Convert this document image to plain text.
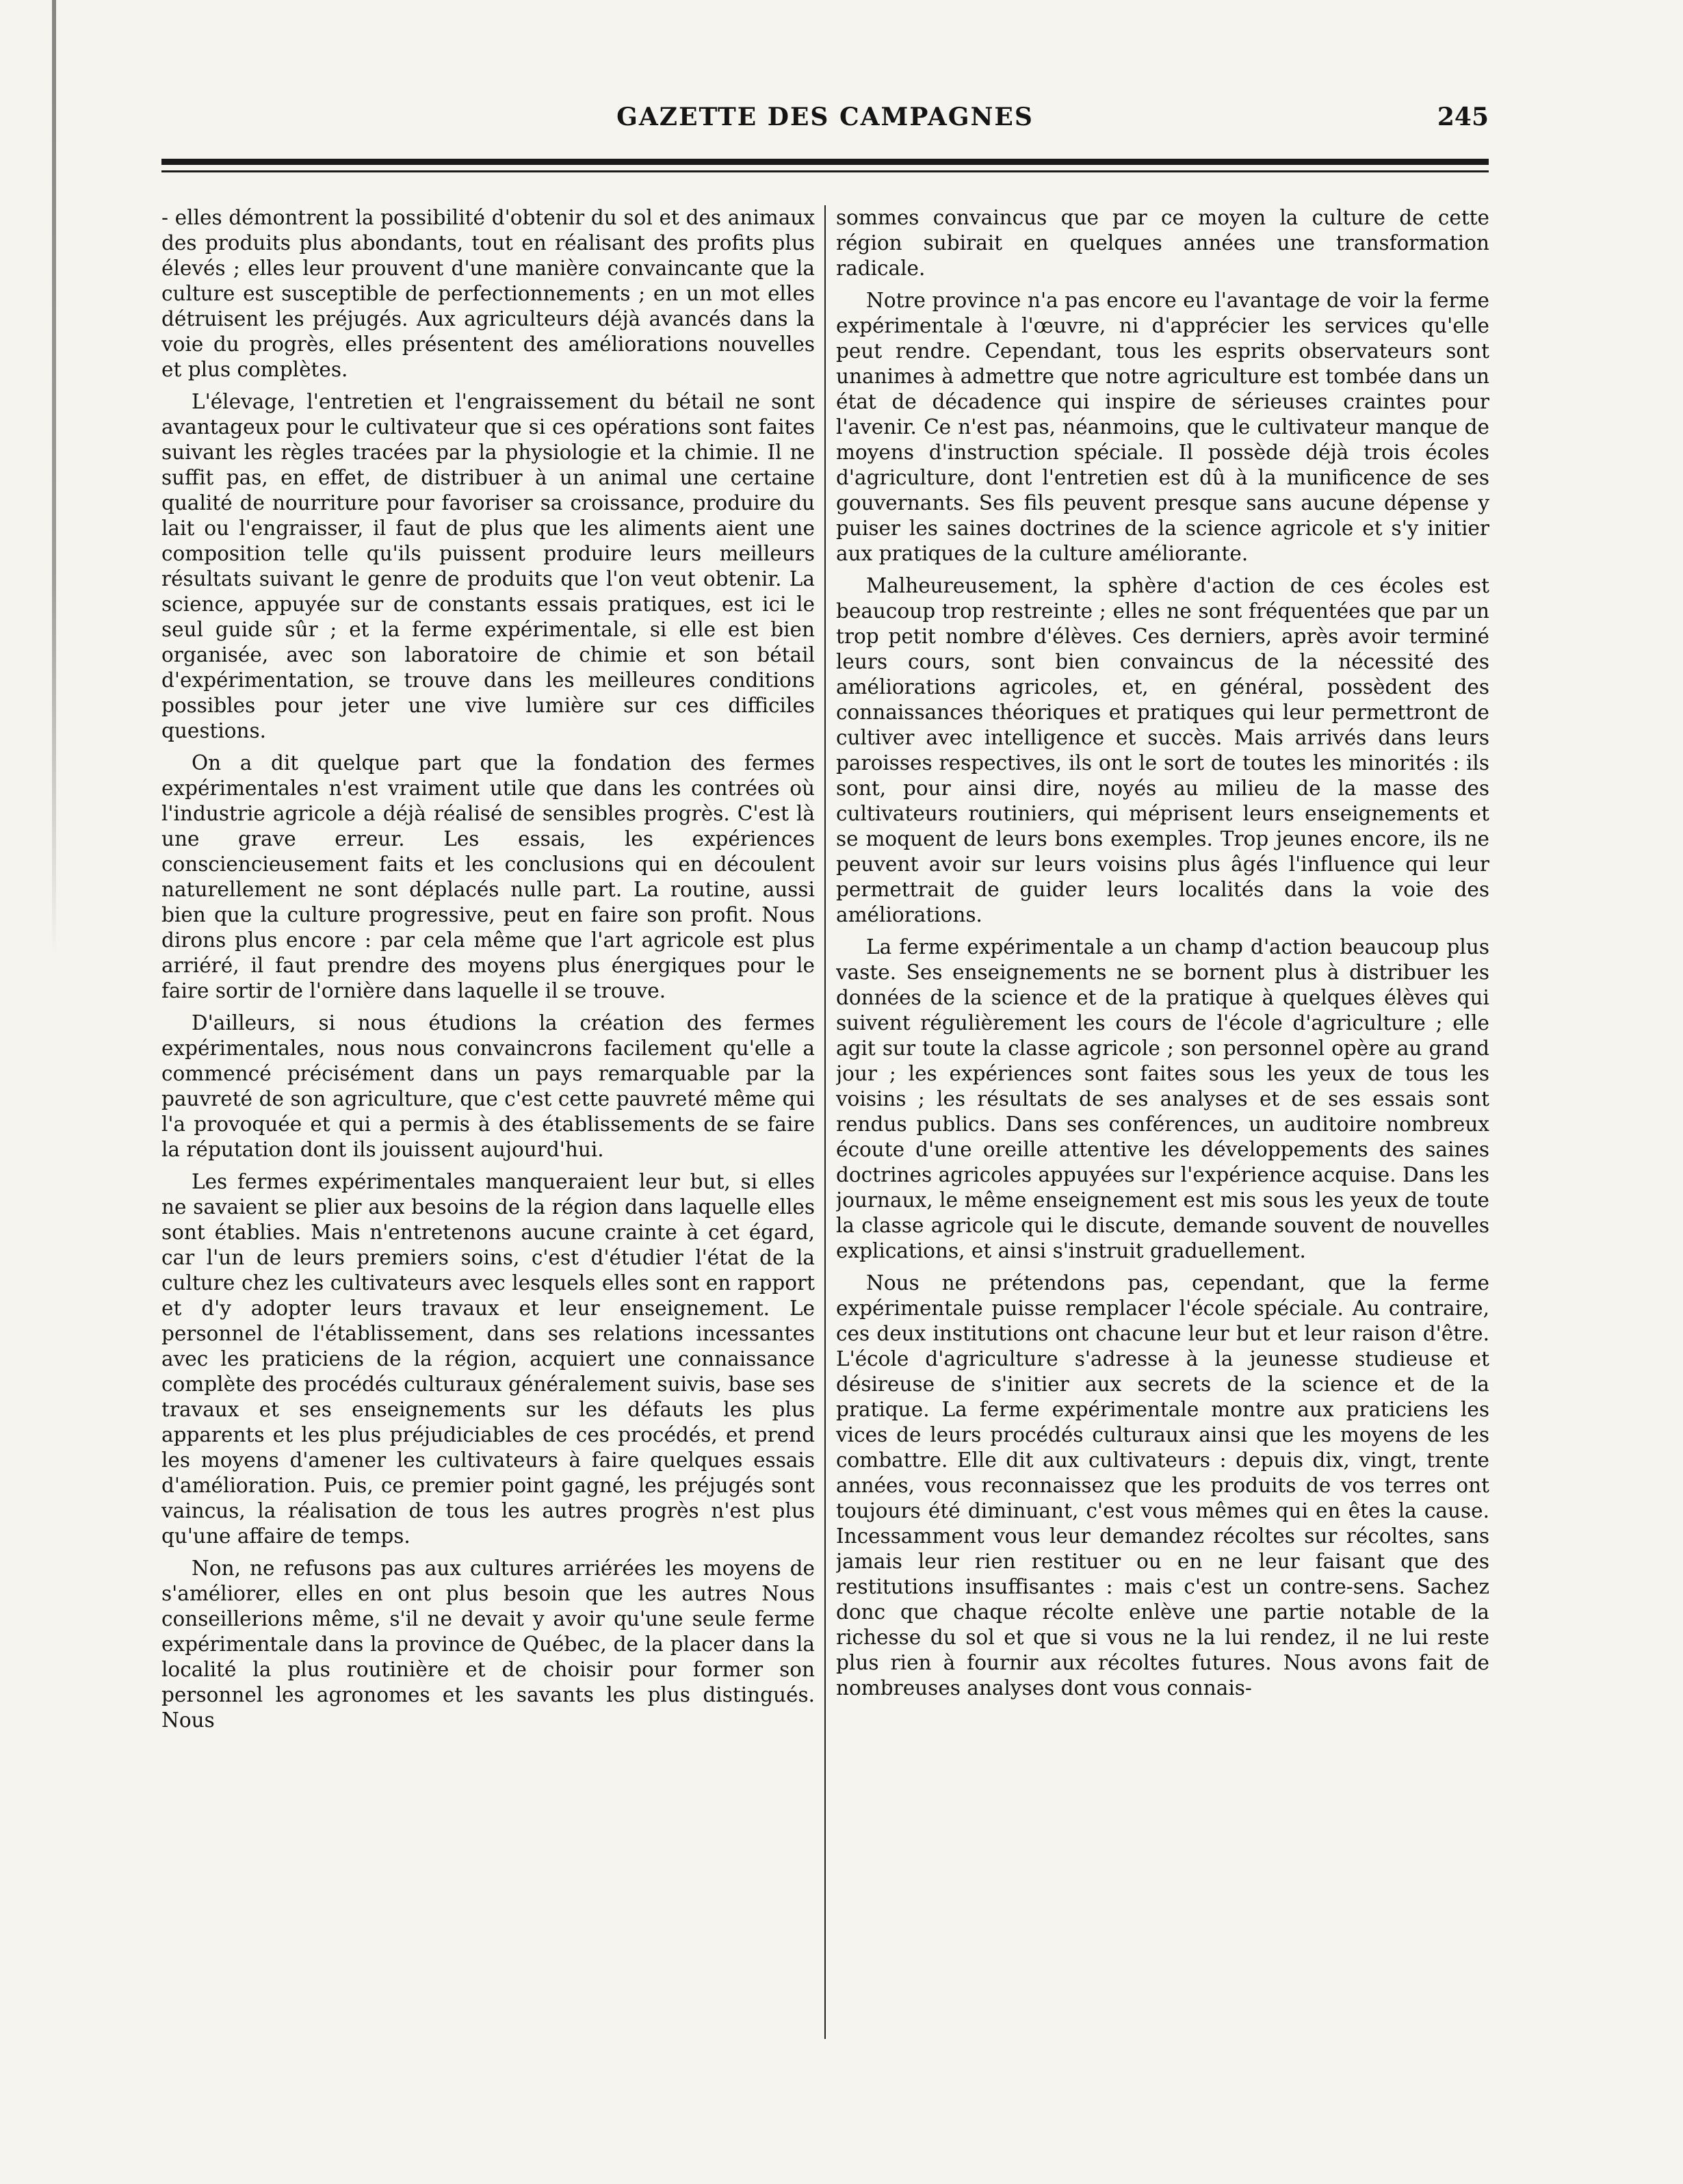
GAZETTE DES CAMPAGNES	245

- elles démontrent la possibilité d'obtenir du sol et des animaux des produits plus abondants, tout en réalisant des profits plus élevés ; elles leur prouvent d'une manière convaincante que la culture est susceptible de perfectionnements ; en un mot elles détruisent les préjugés. Aux agriculteurs déjà avancés dans la voie du progrès, elles présentent des améliorations nouvelles et plus complètes.

L'élevage, l'entretien et l'engraissement du bétail ne sont avantageux pour le cultivateur que si ces opérations sont faites suivant les règles tracées par la physiologie et la chimie. Il ne suffit pas, en effet, de distribuer à un animal une certaine qualité de nourriture pour favoriser sa croissance, produire du lait ou l'engraisser, il faut de plus que les aliments aient une composition telle qu'ils puissent produire leurs meilleurs résultats suivant le genre de produits que l'on veut obtenir. La science, appuyée sur de constants essais pratiques, est ici le seul guide sûr ; et la ferme expérimentale, si elle est bien organisée, avec son laboratoire de chimie et son bétail d'expérimentation, se trouve dans les meilleures conditions possibles pour jeter une vive lumière sur ces difficiles questions.

On a dit quelque part que la fondation des fermes expérimentales n'est vraiment utile que dans les contrées où l'industrie agricole a déjà réalisé de sensibles progrès. C'est là une grave erreur. Les essais, les expériences consciencieusement faits et les conclusions qui en découlent naturellement ne sont déplacés nulle part. La routine, aussi bien que la culture progressive, peut en faire son profit. Nous dirons plus encore : par cela même que l'art agricole est plus arriéré, il faut prendre des moyens plus énergiques pour le faire sortir de l'ornière dans laquelle il se trouve.

D'ailleurs, si nous étudions la création des fermes expérimentales, nous nous convaincrons facilement qu'elle a commencé précisément dans un pays remarquable par la pauvreté de son agriculture, que c'est cette pauvreté même qui l'a provoquée et qui a permis à des établissements de se faire la réputation dont ils jouissent aujourd'hui.

Les fermes expérimentales manqueraient leur but, si elles ne savaient se plier aux besoins de la région dans laquelle elles sont établies. Mais n'entretenons aucune crainte à cet égard, car l'un de leurs premiers soins, c'est d'étudier l'état de la culture chez les cultivateurs avec lesquels elles sont en rapport et d'y adopter leurs travaux et leur enseignement. Le personnel de l'établissement, dans ses relations incessantes avec les praticiens de la région, acquiert une connaissance complète des procédés culturaux généralement suivis, base ses travaux et ses enseignements sur les défauts les plus apparents et les plus préjudiciables de ces procédés, et prend les moyens d'amener les cultivateurs à faire quelques essais d'amélioration. Puis, ce premier point gagné, les préjugés sont vaincus, la réalisation de tous les autres progrès n'est plus qu'une affaire de temps.

Non, ne refusons pas aux cultures arriérées les moyens de s'améliorer, elles en ont plus besoin que les autres Nous conseillerions même, s'il ne devait y avoir qu'une seule ferme expérimentale dans la province de Québec, de la placer dans la localité la plus routinière et de choisir pour former son personnel les agronomes et les savants les plus distingués. Nous

sommes convaincus que par ce moyen la culture de cette région subirait en quelques années une transformation radicale.

Notre province n'a pas encore eu l'avantage de voir la ferme expérimentale à l'œuvre, ni d'apprécier les services qu'elle peut rendre. Cependant, tous les esprits observateurs sont unanimes à admettre que notre agriculture est tombée dans un état de décadence qui inspire de sérieuses craintes pour l'avenir. Ce n'est pas, néanmoins, que le cultivateur manque de moyens d'instruction spéciale. Il possède déjà trois écoles d'agriculture, dont l'entretien est dû à la munificence de ses gouvernants. Ses fils peuvent presque sans aucune dépense y puiser les saines doctrines de la science agricole et s'y initier aux pratiques de la culture améliorante.

Malheureusement, la sphère d'action de ces écoles est beaucoup trop restreinte ; elles ne sont fréquentées que par un trop petit nombre d'élèves. Ces derniers, après avoir terminé leurs cours, sont bien convaincus de la nécessité des améliorations agricoles, et, en général, possèdent des connaissances théoriques et pratiques qui leur permettront de cultiver avec intelligence et succès. Mais arrivés dans leurs paroisses respectives, ils ont le sort de toutes les minorités : ils sont, pour ainsi dire, noyés au milieu de la masse des cultivateurs routiniers, qui méprisent leurs enseignements et se moquent de leurs bons exemples. Trop jeunes encore, ils ne peuvent avoir sur leurs voisins plus âgés l'influence qui leur permettrait de guider leurs localités dans la voie des améliorations.

La ferme expérimentale a un champ d'action beaucoup plus vaste. Ses enseignements ne se bornent plus à distribuer les données de la science et de la pratique à quelques élèves qui suivent régulièrement les cours de l'école d'agriculture ; elle agit sur toute la classe agricole ; son personnel opère au grand jour ; les expériences sont faites sous les yeux de tous les voisins ; les résultats de ses analyses et de ses essais sont rendus publics. Dans ses conférences, un auditoire nombreux écoute d'une oreille attentive les développements des saines doctrines agricoles appuyées sur l'expérience acquise. Dans les journaux, le même enseignement est mis sous les yeux de toute la classe agricole qui le discute, demande souvent de nouvelles explications, et ainsi s'instruit graduellement.

Nous ne prétendons pas, cependant, que la ferme expérimentale puisse remplacer l'école spéciale. Au contraire, ces deux institutions ont chacune leur but et leur raison d'être. L'école d'agriculture s'adresse à la jeunesse studieuse et désireuse de s'initier aux secrets de la science et de la pratique. La ferme expérimentale montre aux praticiens les vices de leurs procédés culturaux ainsi que les moyens de les combattre. Elle dit aux cultivateurs : depuis dix, vingt, trente années, vous reconnaissez que les produits de vos terres ont toujours été diminuant, c'est vous mêmes qui en êtes la cause. Incessamment vous leur demandez récoltes sur récoltes, sans jamais leur rien restituer ou en ne leur faisant que des restitutions insuffisantes : mais c'est un contre-sens. Sachez donc que chaque récolte enlève une partie notable de la richesse du sol et que si vous ne la lui rendez, il ne lui reste plus rien à fournir aux récoltes futures. Nous avons fait de nombreuses analyses dont vous connais-
